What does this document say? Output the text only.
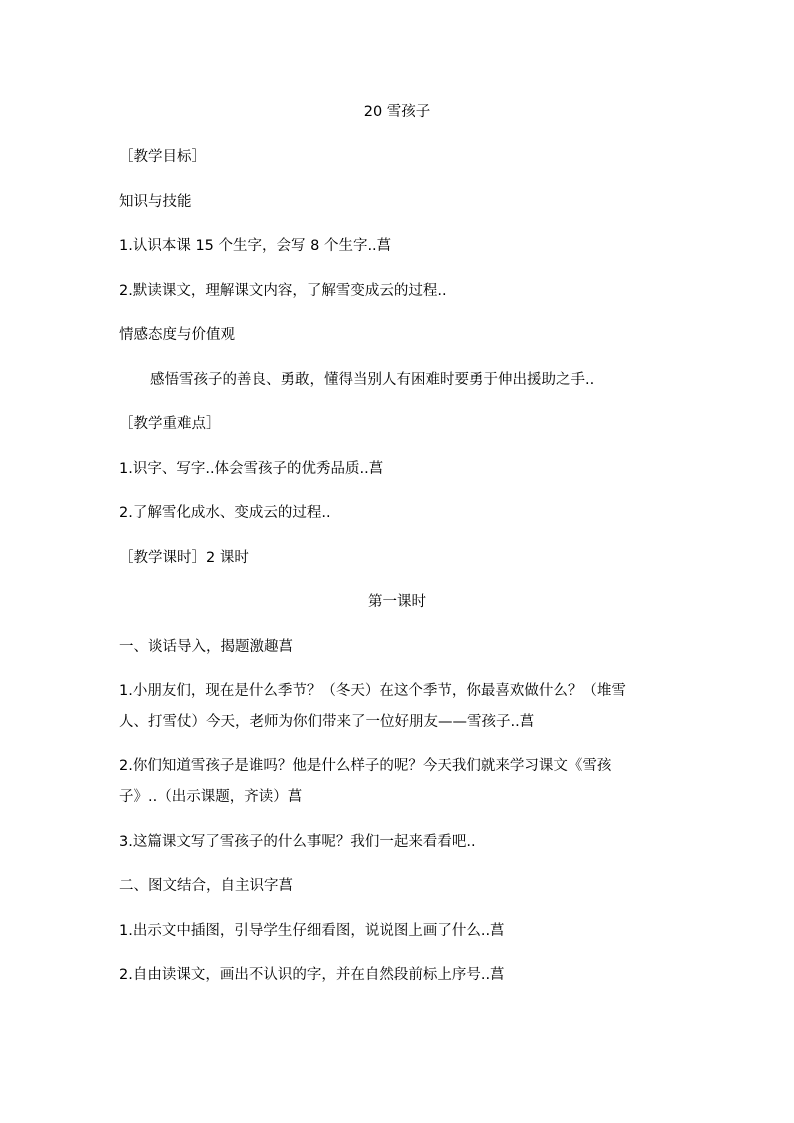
20 雪孩子
［教学目标］
知识与技能
1.认识本课 15 个生字，会写 8 个生字..菖
2.默读课文，理解课文内容，了解雪变成云的过程..
情感态度与价值观
感悟雪孩子的善良、勇敢，懂得当别人有困难时要勇于伸出援助之手..
［教学重难点］
1.识字、写字..体会雪孩子的优秀品质..菖
2.了解雪化成水、变成云的过程..
［教学课时］2 课时
第一课时
一、谈话导入，揭题激趣菖
1.小朋友们，现在是什么季节？（冬天）在这个季节，你最喜欢做什么？（堆雪
人、打雪仗）今天，老师为你们带来了一位好朋友——雪孩子..菖
2.你们知道雪孩子是谁吗？他是什么样子的呢？今天我们就来学习课文《雪孩
子》..（出示课题，齐读）菖
3.这篇课文写了雪孩子的什么事呢？我们一起来看看吧..
二、图文结合，自主识字菖
1.出示文中插图，引导学生仔细看图，说说图上画了什么..菖
2.自由读课文，画出不认识的字，并在自然段前标上序号..菖
